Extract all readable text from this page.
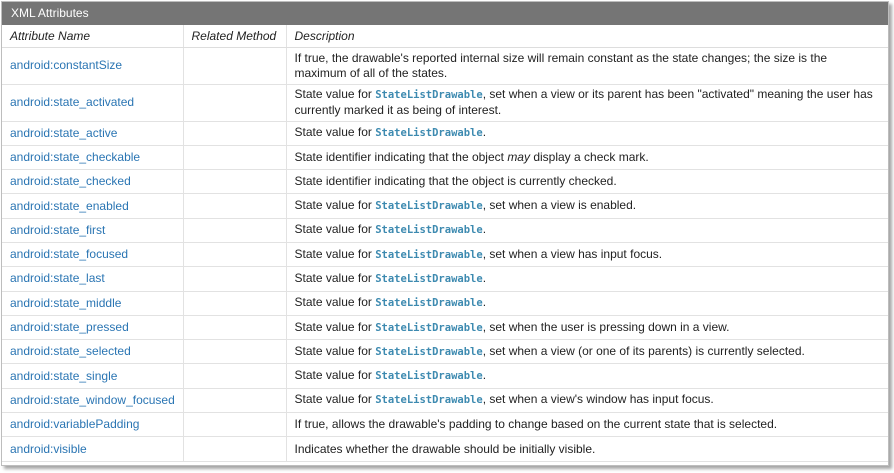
XML Attributes
Attribute Name	Related Method	Description
android:constantSize		If true, the drawable's reported internal size will remain constant as the state changes; the size is the maximum of all of the states.
android:state_activated		State value for StateListDrawable, set when a view or its parent has been "activated" meaning the user has currently marked it as being of interest.
android:state_active		State value for StateListDrawable.
android:state_checkable		State identifier indicating that the object may display a check mark.
android:state_checked		State identifier indicating that the object is currently checked.
android:state_enabled		State value for StateListDrawable, set when a view is enabled.
android:state_first		State value for StateListDrawable.
android:state_focused		State value for StateListDrawable, set when a view has input focus.
android:state_last		State value for StateListDrawable.
android:state_middle		State value for StateListDrawable.
android:state_pressed		State value for StateListDrawable, set when the user is pressing down in a view.
android:state_selected		State value for StateListDrawable, set when a view (or one of its parents) is currently selected.
android:state_single		State value for StateListDrawable.
android:state_window_focused		State value for StateListDrawable, set when a view's window has input focus.
android:variablePadding		If true, allows the drawable's padding to change based on the current state that is selected.
android:visible		Indicates whether the drawable should be initially visible.
